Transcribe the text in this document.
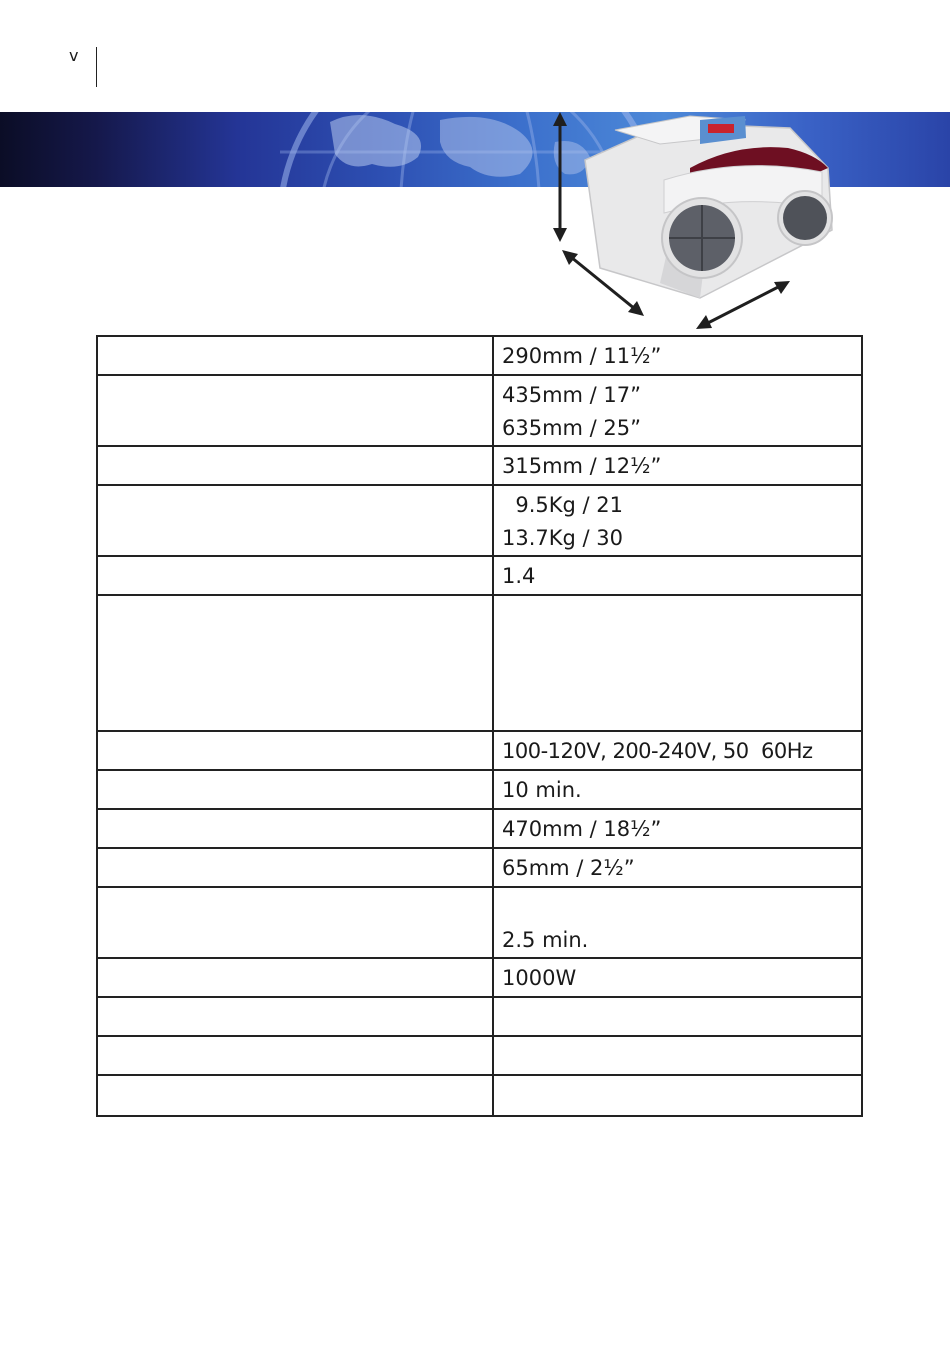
v

	290mm / 11½”

	435mm / 17”
635mm / 25”

	315mm / 12½”

	9.5Kg / 21
13.7Kg / 30

	1.4

	100-120V, 200-240V, 50  60Hz

	10 min.

	470mm / 18½”

	65mm / 2½”

	2.5 min.

	1000W
